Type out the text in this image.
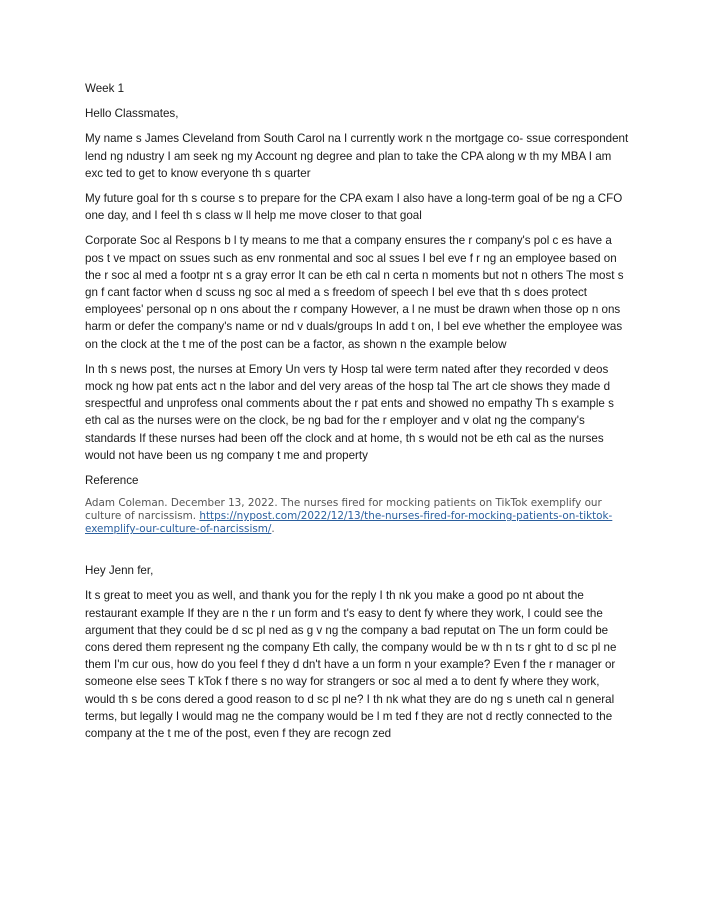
Week 1

Hello Classmates,

My name s James Cleveland from South Carol na I currently work n the mortgage co- ssue correspondent lend ng ndustry I am seek ng my Account ng degree and plan to take the CPA along w th my MBA I am exc ted to get to know everyone th s quarter

My future goal for th s course s to prepare for the CPA exam I also have a long-term goal of be ng a CFO one day, and I feel th s class w ll help me move closer to that goal

Corporate Soc al Respons b l ty means to me that a company ensures the r company's pol c es have a pos t ve mpact on ssues such as env ronmental and soc al ssues I bel eve f r ng an employee based on the r soc al med a footpr nt s a gray error It can be eth cal n certa n moments but not n others The most s gn f cant factor when d scuss ng soc al med a s freedom of speech I bel eve that th s does protect employees' personal op n ons about the r company However, a l ne must be drawn when those op n ons harm or defer the company's name or nd v duals/groups In add t on, I bel eve whether the employee was on the clock at the t me of the post can be a factor, as shown n the example below

In th s news post, the nurses at Emory Un vers ty Hosp tal were term nated after they recorded v deos mock ng how pat ents act n the labor and del very areas of the hosp tal The art cle shows they made d srespectful and unprofess onal comments about the r pat ents and showed no empathy Th s example s eth cal as the nurses were on the clock, be ng bad for the r employer and v olat ng the company's standards If these nurses had been off the clock and at home, th s would not be eth cal as the nurses would not have been us ng company t me and property

Reference

Adam Coleman. December 13, 2022. The nurses fired for mocking patients on TikTok exemplify our culture of narcissism. https://nypost.com/2022/12/13/the-nurses-fired-for-mocking-patients-on-tiktok-exemplify-our-culture-of-narcissism/.

Hey Jenn fer,

It s great to meet you as well, and thank you for the reply I th nk you make a good po nt about the restaurant example If they are n the r un form and t's easy to dent fy where they work, I could see the argument that they could be d sc pl ned as g v ng the company a bad reputat on The un form could be cons dered them represent ng the company Eth cally, the company would be w th n ts r ght to d sc pl ne them I'm cur ous, how do you feel f they d dn't have a un form n your example? Even f the r manager or someone else sees T kTok f there s no way for strangers or soc al med a to dent fy where they work, would th s be cons dered a good reason to d sc pl ne? I th nk what they are do ng s uneth cal n general terms, but legally I would mag ne the company would be l m ted f they are not d rectly connected to the company at the t me of the post, even f they are recogn zed
